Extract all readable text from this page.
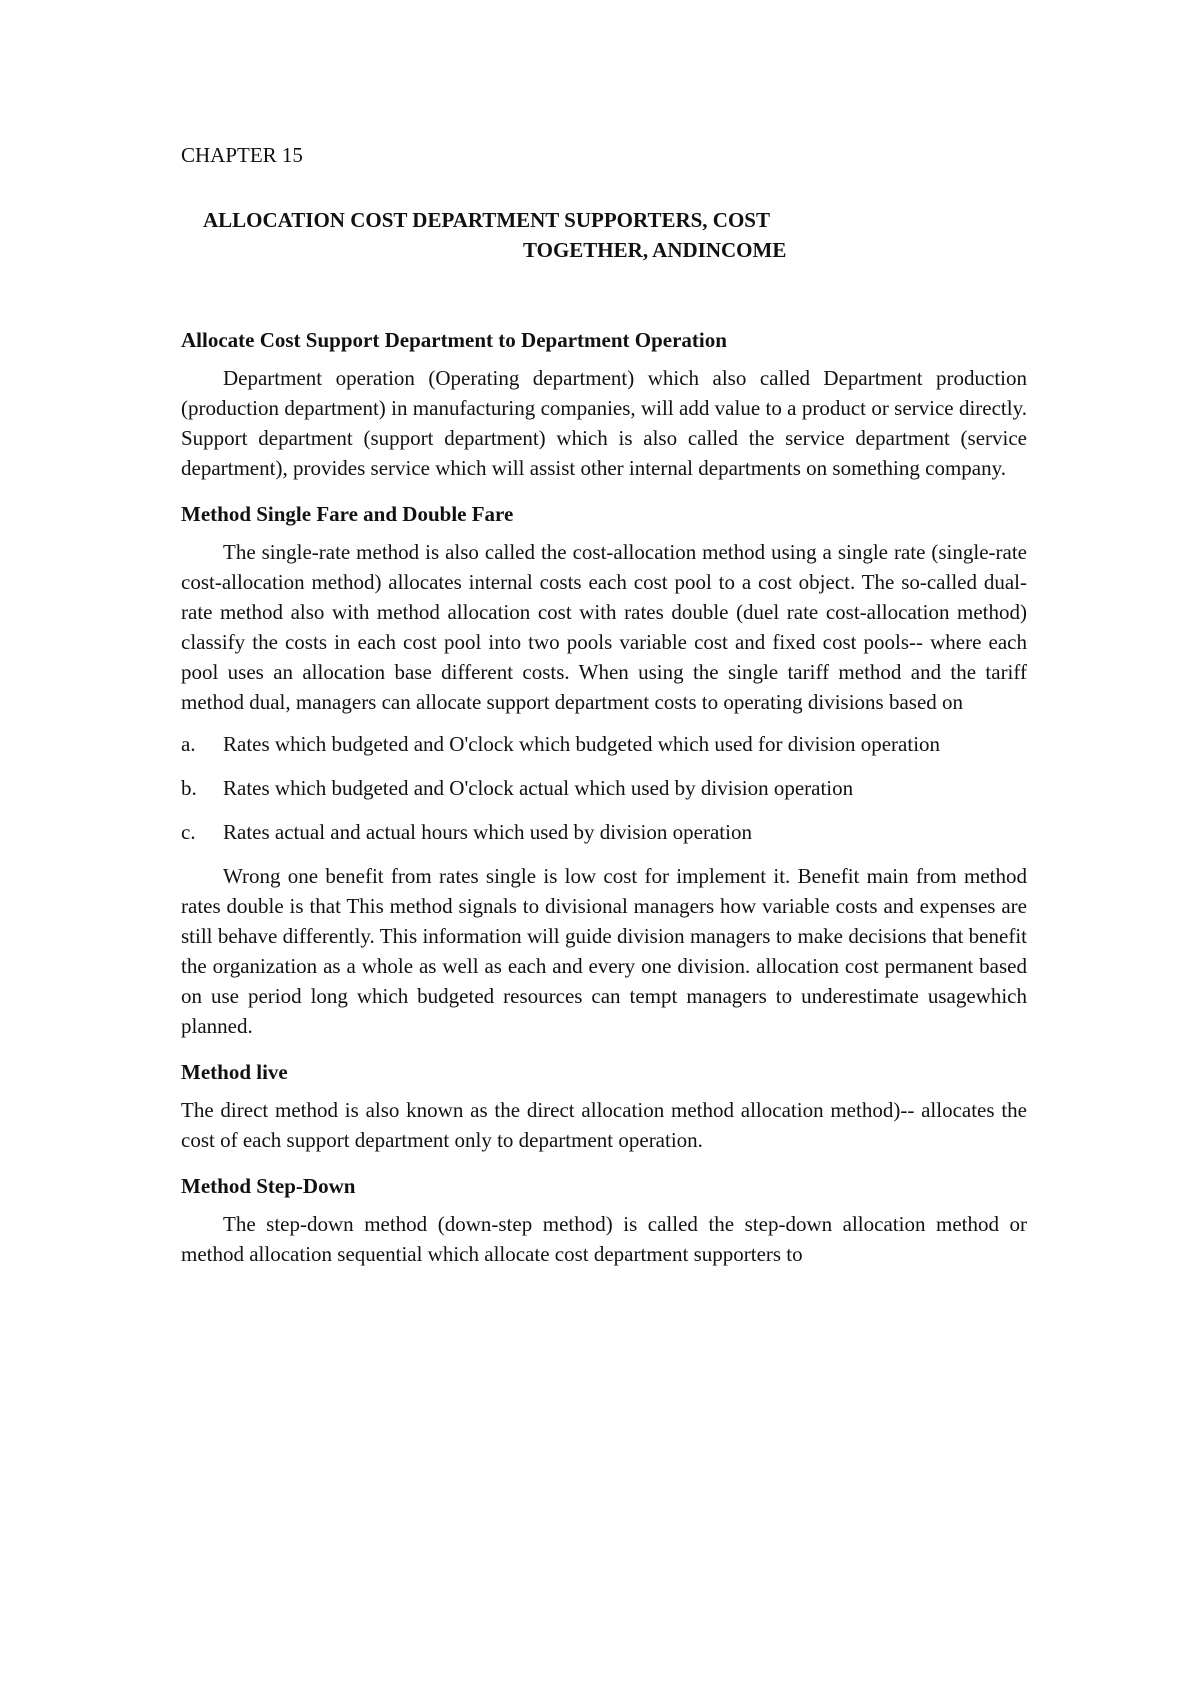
CHAPTER 15
ALLOCATION COST DEPARTMENT SUPPORTERS, COST
TOGETHER, ANDINCOME
Allocate Cost Support Department to Department Operation

Department operation (Operating department) which also called Department production (production department) in manufacturing companies, will add value to a product or service directly. Support department (support department) which is also called the service department (service department), provides service which will assist other internal departments on something company.

Method Single Fare and Double Fare

The single-rate method is also called the cost-allocation method using a single rate (single-rate cost-allocation method) allocates internal costs each cost pool to a cost object. The so-called dual-rate method also with method allocation cost with rates double (duel rate cost-allocation method) classify the costs in each cost pool into two pools variable cost and fixed cost pools-- where each pool uses an allocation base different costs. When using the single tariff method and the tariff method dual, managers can allocate support department costs to operating divisions based on

a. Rates which budgeted and O'clock which budgeted which used for division operation
b. Rates which budgeted and O'clock actual which used by division operation
c. Rates actual and actual hours which used by division operation

Wrong one benefit from rates single is low cost for implement it. Benefit main from method rates double is that This method signals to divisional managers how variable costs and expenses are still behave differently. This information will guide division managers to make decisions that benefit the organization as a whole as well as each and every one division. allocation cost permanent based on use period long which budgeted resources can tempt managers to underestimate usagewhich planned.

Method live

The direct method is also known as the direct allocation method allocation method)-- allocates the cost of each support department only to department operation.

Method Step-Down

The step-down method (down-step method) is called the step-down allocation method or method allocation sequential which allocate cost department supporters to
